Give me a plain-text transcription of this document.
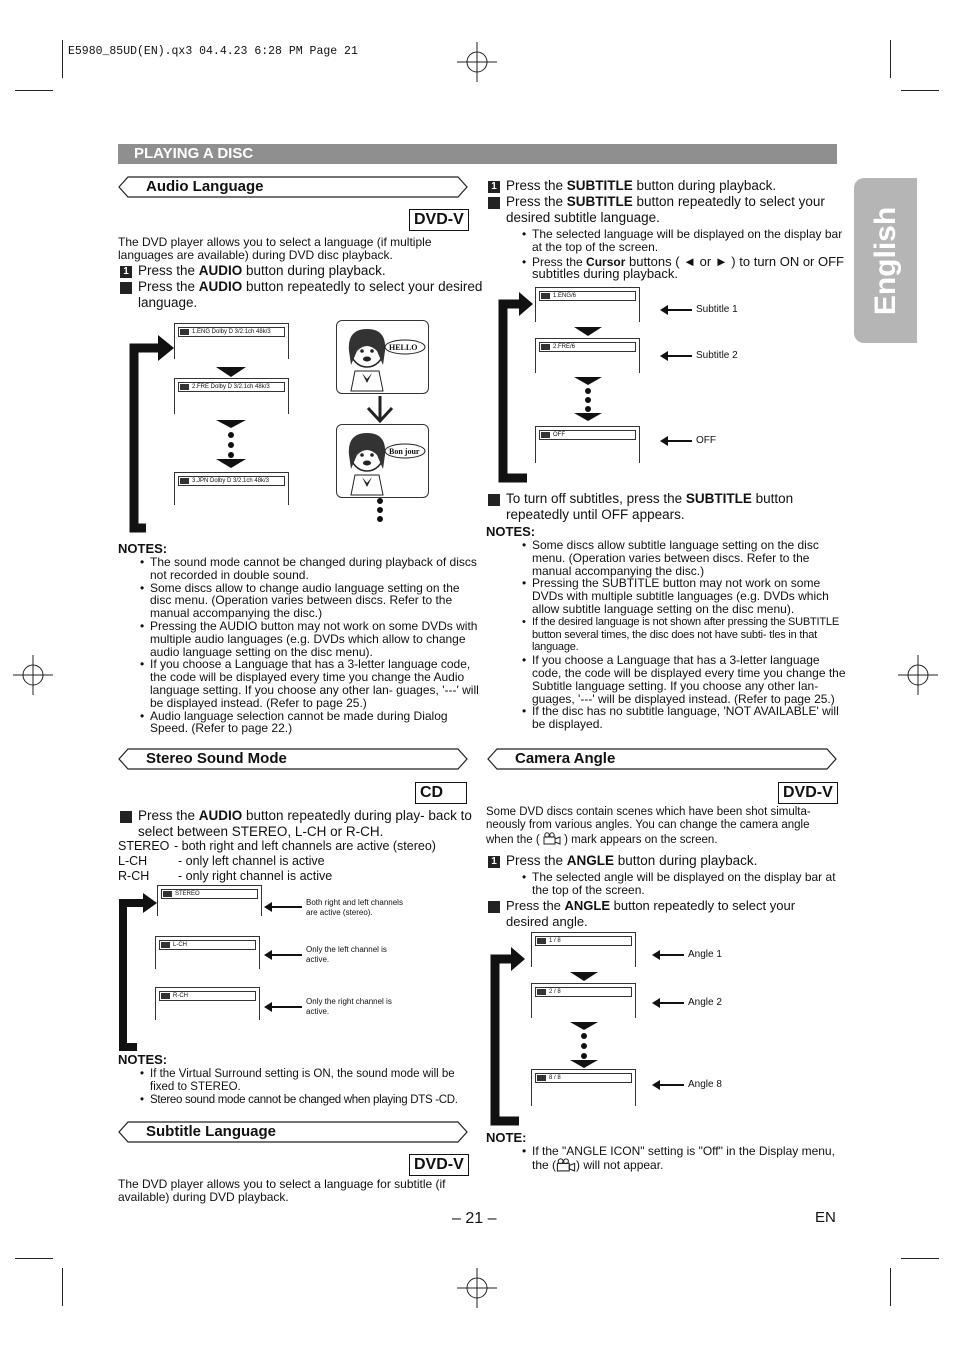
E5980_85UD(EN).qx3 04.4.23 6:28 PM Page 21
English
PLAYING A DISC
Audio Language
DVD-V
The DVD player allows you to select a language (if multiple languages are available) during DVD disc playback.
1 Press the AUDIO button during playback.
2 Press the AUDIO button repeatedly to select your desired language.
1.ENG Dolby D 3/2.1ch 48k/3
2.FRE Dolby D 3/2.1ch 48k/3
3.JPN Dolby D 3/2.1ch 48k/3
HELLO
Bon jour
NOTES:
• The sound mode cannot be changed during playback of discs not recorded in double sound.
• Some discs allow to change audio language setting on the disc menu. (Operation varies between discs. Refer to the manual accompanying the disc.)
• Pressing the AUDIO button may not work on some DVDs with multiple audio languages (e.g. DVDs which allow to change audio language setting on the disc menu).
• If you choose a Language that has a 3-letter language code, the code will be displayed every time you change the Audio language setting. If you choose any other lan- guages, '---' will be displayed instead. (Refer to page 25.)
• Audio language selection cannot be made during Dialog Speed. (Refer to page 22.)
Stereo Sound Mode
CD
1 Press the AUDIO button repeatedly during play- back to select between STEREO, L-CH or R-CH.
STEREO - both right and left channels are active (stereo)
L-CH - only left channel is active
R-CH - only right channel is active
STEREO
L-CH
R-CH
Both right and left channels are active (stereo).
Only the left channel is active.
Only the right channel is active.
NOTES:
• If the Virtual Surround setting is ON, the sound mode will be fixed to STEREO.
• Stereo sound mode cannot be changed when playing DTS -CD.
Subtitle Language
DVD-V
The DVD player allows you to select a language for subtitle (if available) during DVD playback.
1 Press the SUBTITLE button during playback.
2 Press the SUBTITLE button repeatedly to select your desired subtitle language.
• The selected language will be displayed on the display bar at the top of the screen.
• Press the Cursor buttons ( ◄ or ► ) to turn ON or OFF subtitles during playback.
1.ENG/6
2.FRE/6
OFF
Subtitle 1
Subtitle 2
OFF
3 To turn off subtitles, press the SUBTITLE button repeatedly until OFF appears.
NOTES:
• Some discs allow subtitle language setting on the disc menu. (Operation varies between discs. Refer to the manual accompanying the disc.)
• Pressing the SUBTITLE button may not work on some DVDs with multiple subtitle languages (e.g. DVDs which allow subtitle language setting on the disc menu).
• If the desired language is not shown after pressing the SUBTITLE button several times, the disc does not have subti- tles in that language.
• If you choose a Language that has a 3-letter language code, the code will be displayed every time you change the Subtitle language setting. If you choose any other lan- guages, '---' will be displayed instead. (Refer to page 25.)
• If the disc has no subtitle language, 'NOT AVAILABLE' will be displayed.
Camera Angle
DVD-V
Some DVD discs contain scenes which have been shot simulta- neously from various angles. You can change the camera angle when the ( ) mark appears on the screen.
1 Press the ANGLE button during playback.
• The selected angle will be displayed on the display bar at the top of the screen.
2 Press the ANGLE button repeatedly to select your desired angle.
1 / 8
2 / 8
8 / 8
Angle 1
Angle 2
Angle 8
NOTE:
• If the "ANGLE ICON" setting is "Off" in the Display menu, the ( ) will not appear.
– 21 –	EN
